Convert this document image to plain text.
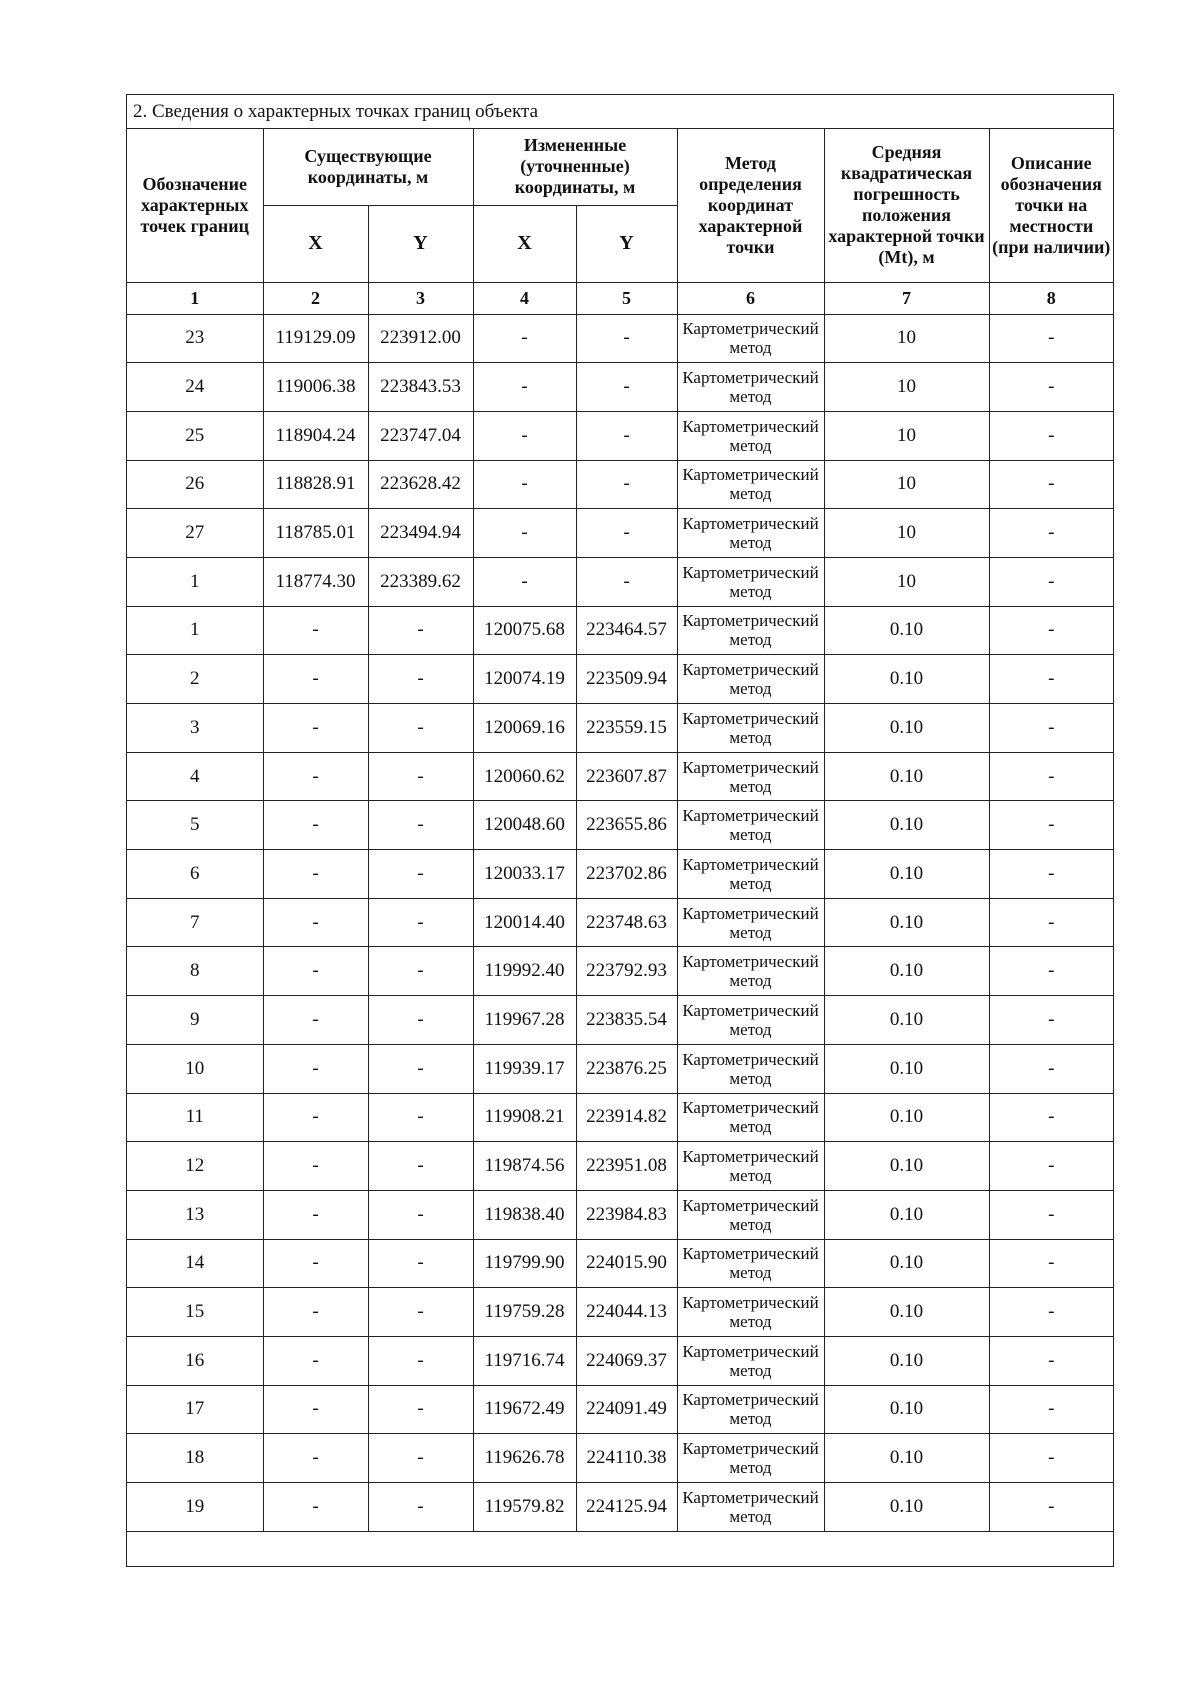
2. Сведения о характерных точках границ объекта
Обозначение характерных точек границ	Существующие координаты, м		Измененные (уточненные) координаты, м		Метод определения координат характерной точки	Средняя квадратическая погрешность положения характерной точки (Mt), м	Описание обозначения точки на местности (при наличии)
	X	Y	X	Y			
1	2	3	4	5	6	7	8
23	119129.09	223912.00	-	-	Картометрический метод	10	-
24	119006.38	223843.53	-	-	Картометрический метод	10	-
25	118904.24	223747.04	-	-	Картометрический метод	10	-
26	118828.91	223628.42	-	-	Картометрический метод	10	-
27	118785.01	223494.94	-	-	Картометрический метод	10	-
1	118774.30	223389.62	-	-	Картометрический метод	10	-
1	-	-	120075.68	223464.57	Картометрический метод	0.10	-
2	-	-	120074.19	223509.94	Картометрический метод	0.10	-
3	-	-	120069.16	223559.15	Картометрический метод	0.10	-
4	-	-	120060.62	223607.87	Картометрический метод	0.10	-
5	-	-	120048.60	223655.86	Картометрический метод	0.10	-
6	-	-	120033.17	223702.86	Картометрический метод	0.10	-
7	-	-	120014.40	223748.63	Картометрический метод	0.10	-
8	-	-	119992.40	223792.93	Картометрический метод	0.10	-
9	-	-	119967.28	223835.54	Картометрический метод	0.10	-
10	-	-	119939.17	223876.25	Картометрический метод	0.10	-
11	-	-	119908.21	223914.82	Картометрический метод	0.10	-
12	-	-	119874.56	223951.08	Картометрический метод	0.10	-
13	-	-	119838.40	223984.83	Картометрический метод	0.10	-
14	-	-	119799.90	224015.90	Картометрический метод	0.10	-
15	-	-	119759.28	224044.13	Картометрический метод	0.10	-
16	-	-	119716.74	224069.37	Картометрический метод	0.10	-
17	-	-	119672.49	224091.49	Картометрический метод	0.10	-
18	-	-	119626.78	224110.38	Картометрический метод	0.10	-
19	-	-	119579.82	224125.94	Картометрический метод	0.10	-
